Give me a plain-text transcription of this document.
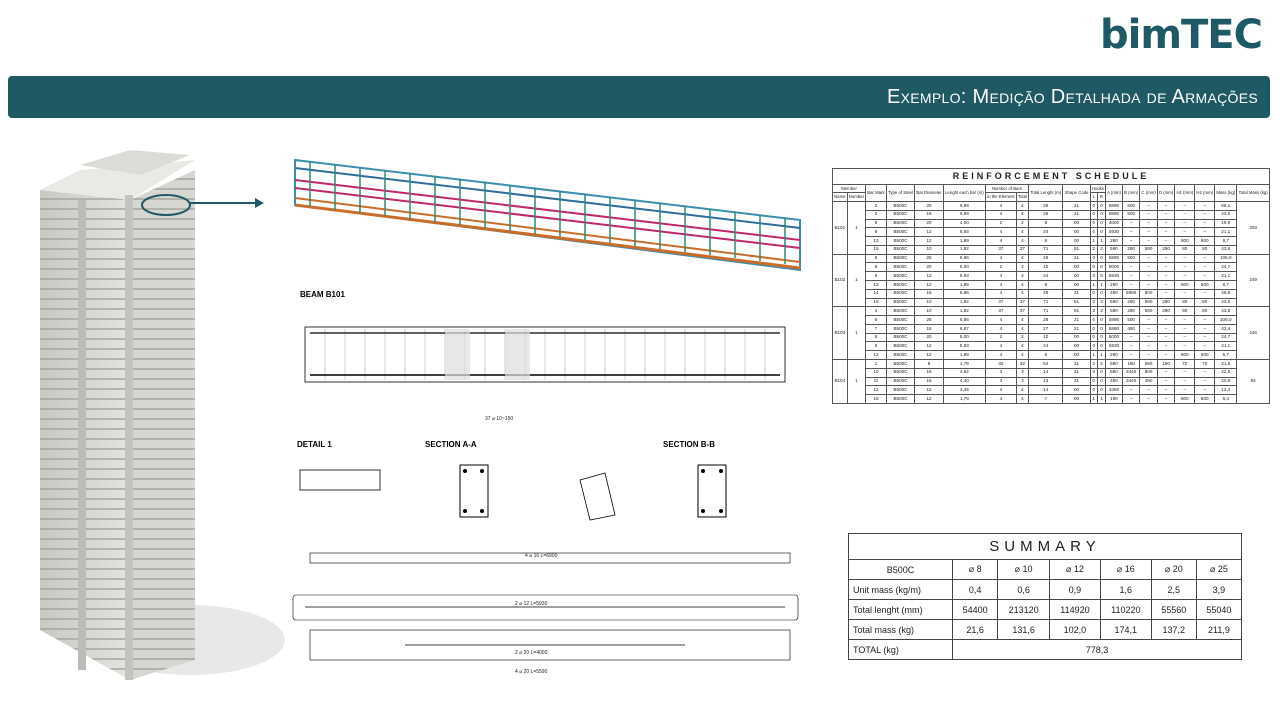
bimTEC
Exemplo: Medição Detalhada de Armações
BEAM B101
37 ⌀ 10~150
DETAIL 1	SECTION A-A	SECTION B-B
4 ⌀ 16 L=6900
2 ⌀ 12 L=5930
2 ⌀ 20 L=4000
4 ⌀ 20 L=5590
REINFORCEMENT SCHEDULE																			
Member		Bar Mark	Type of Steel	Bar Diameter	Lenght each bar (m)	Number of Bars		Total Lenght (m)	Shape Code	Hooks		A (mm)	B (mm)	C (mm)	D (mm)	H1 (mm)	H2 (mm)	Mass (kg)	Total Mass (kg)
Name	Number					in the Element	Total			L	R								
B101	1	2	B500C	20	6,89	4	4	28	21	0	0	5890	500	–	–	–	–	68,1	203
		3	B500C	16	6,89	4	4	28	21	0	0	5890	500	–	–	–	–	43,5	
		5	B500C	20	4,00	2	2	8	00	0	0	4000	–	–	–	–	–	19,9	
		9	B500C	12	5,93	4	4	24	00	0	0	5930	–	–	–	–	–	21,1	
		13	B500C	12	1,89	4	4	8	00	1	1	290	–	–	–	800	800	6,7	
		15	B500C	10	1,92	37	37	71	51	2	2	590	290	590	290	80	80	43,8	
B102	1	6	B500C	25	6,86	4	4	28	21	0	0	5890	500	–	–	–	–	106,0	249
		8	B500C	20	5,00	2	2	10	00	0	0	5000	–	–	–	–	–	24,7	
		9	B500C	12	5,93	4	4	24	00	0	0	5930	–	–	–	–	–	21,1	
		13	B500C	12	1,89	4	4	8	00	1	1	290	–	–	–	800	800	6,7	
		14	B500C	16	6,86	4	4	28	21	0	0	490	5890	800	–	–	–	46,8	
		15	B500C	10	1,92	37	37	71	51	2	2	590	290	590	290	80	80	43,8	
B103	1	4	B500C	10	1,92	37	37	71	51	2	2	590	290	590	290	80	80	43,8	246
		6	B500C	25	6,86	4	4	28	21	0	0	5890	500	–	–	–	–	106,0	
		7	B500C	16	6,87	4	4	27	21	0	0	5890	490	–	–	–	–	43,4	
		8	B500C	20	5,00	2	2	10	00	0	0	5000	–	–	–	–	–	24,7	
		9	B500C	12	5,93	4	4	24	00	0	0	5930	–	–	–	–	–	21,1	
		13	B500C	12	1,89	4	4	8	00	1	1	290	–	–	–	800	800	6,7	
B104	1	1	B500C	8	1,79	32	32	54	31	2	2	590	190	590	190	70	70	21,5	84
		10	B500C	16	4,62	3	3	14	21	0	0	580	3440	800	–	–	–	22,8	
		11	B500C	16	4,40	3	3	13	21	0	0	460	3440	490	–	–	–	20,9	
		12	B500C	12	3,45	4	4	14	00	0	0	3450	–	–	–	–	–	12,4	
		15	B500C	12	1,79	4	4	7	00	1	1	190	–	–	–	800	800	6,4	
SUMMARY						
B500C	⌀ 8	⌀ 10	⌀ 12	⌀ 16	⌀ 20	⌀ 25
Unit mass (kg/m)	0,4	0,6	0,9	1,6	2,5	3,9
Total lenght (mm)	54400	213120	114920	110220	55560	55040
Total mass (kg)	21,6	131,6	102,0	174,1	137,2	211,9
TOTAL (kg)	778,3					
